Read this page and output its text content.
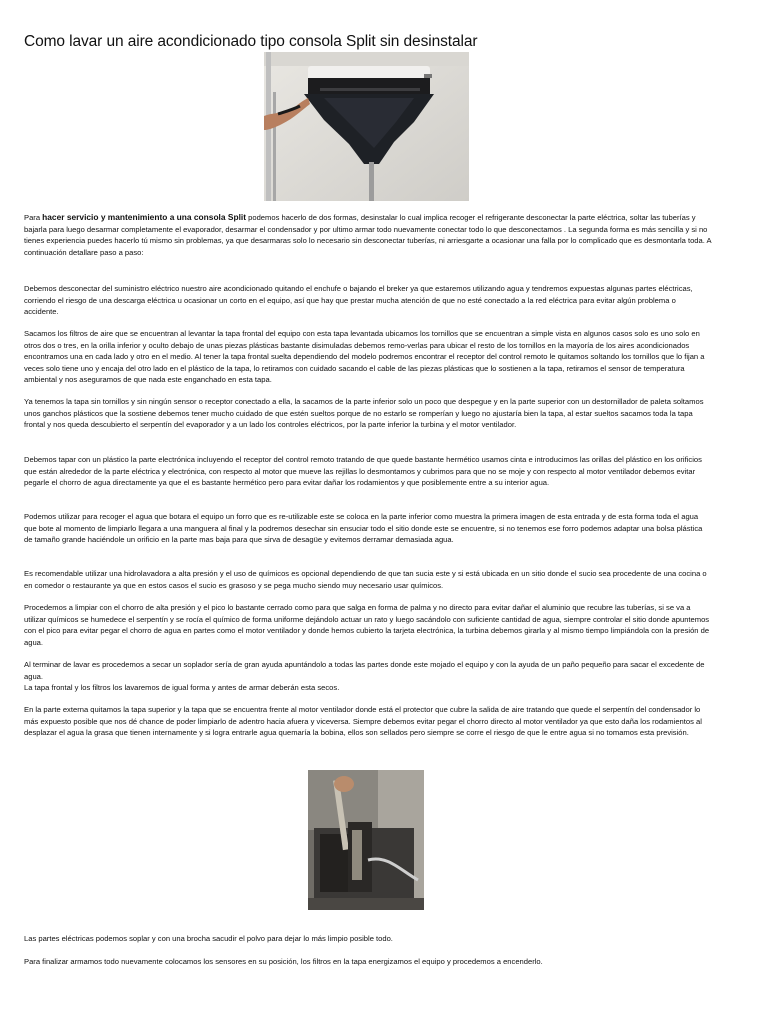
Como lavar un aire acondicionado tipo consola Split sin desinstalar

Para hacer servicio y mantenimiento a una consola Split podemos hacerlo de dos formas, desinstalar lo cual implica recoger el refrigerante desconectar la parte eléctrica, soltar las tuberías y bajarla para luego desarmar completamente el evaporador, desarmar el condensador y por ultimo armar todo nuevamente conectar todo lo que desconectamos . La segunda forma es más sencilla y si no tienes experiencia puedes hacerlo tú mismo sin problemas, ya que desarmaras solo lo necesario sin desconectar tuberías, ni arriesgarte a ocasionar una falla por lo complicado que es desmontarla toda. A continuación detallare paso a paso:

Debemos desconectar del suministro eléctrico nuestro aire acondicionado quitando el enchufe o bajando el breker ya que estaremos utilizando agua y tendremos expuestas algunas partes eléctricas, corriendo el riesgo de una descarga eléctrica u ocasionar un corto en el equipo, así que hay que prestar mucha atención de que no esté conectado a la red eléctrica para evitar algún problema o accidente.

Sacamos los filtros de aire que se encuentran al levantar la tapa frontal del equipo con esta tapa levantada ubicamos los tornillos que se encuentran a simple vista en algunos casos solo es uno solo en otros dos o tres, en la orilla inferior y oculto debajo de unas piezas plásticas bastante disimuladas debemos remo-verlas para ubicar el resto de los tornillos en la mayoría de los aires acondicionados encontramos una en cada lado y otro en el medio. Al tener la tapa frontal suelta dependiendo del modelo podremos encontrar el receptor del control remoto le quitamos soltando los tornillos que lo fijan a veces solo tiene uno y encaja del otro lado en el plástico de la tapa, lo retiramos con cuidado sacando el cable de las piezas plásticas que lo sostienen a la tapa, retiramos el sensor de temperatura ambiental y nos aseguramos de que nada este enganchado en esta tapa.

Ya tenemos la tapa sin tornillos y sin ningún sensor o receptor conectado a ella, la sacamos de la parte inferior solo un poco que despegue y en la parte superior con un destornillador de paleta soltamos unos ganchos plásticos que la sostiene debemos tener mucho cuidado de que estén sueltos porque de no estarlo se romperían y luego no ajustaría bien la tapa, al estar sueltos sacamos toda la tapa frontal y nos queda descubierto el serpentín del evaporador y a un lado los controles eléctricos, por la parte inferior la turbina y el motor ventilador.

Debemos tapar con un plástico la parte electrónica incluyendo el receptor del control remoto tratando de que quede bastante hermético usamos cinta e introducimos las orillas del plástico en los orificios que están alrededor de la parte eléctrica y electrónica, con respecto al motor que mueve las rejillas lo desmontamos y cubrimos para que no se moje y con respecto al motor ventilador debemos evitar pegarle el chorro de agua directamente ya que el es bastante hermético pero para evitar dañar los rodamientos y que posiblemente entre a su interior agua.

Podemos utilizar para recoger el agua que botara el equipo un forro que es re-utilizable este se coloca en la parte inferior como muestra la primera imagen de esta entrada y de esta forma toda el agua que bote al momento de limpiarlo llegara a una manguera al final y la podremos desechar sin ensuciar todo el sitio donde este se encuentre, si no tenemos ese forro podemos adaptar una bolsa plástica de tamaño grande haciéndole un orificio en la parte mas baja para que sirva de desagüe y evitemos derramar demasiada agua.

Es recomendable utilizar una hidrolavadora a alta presión y el uso de químicos es opcional dependiendo de que tan sucia este y si está ubicada en un sitio donde el sucio sea procedente de una cocina o en comedor o restaurante ya que en estos casos el sucio es grasoso y se pega mucho siendo muy necesario usar químicos.

Procedemos a limpiar con el chorro de alta presión y el pico lo bastante cerrado como para que salga en forma de palma y no directo para evitar dañar el aluminio que recubre las tuberías, si se va a utilizar químicos se humedece el serpentín y se rocía el químico de forma uniforme dejándolo actuar un rato y luego sacándolo con suficiente cantidad de agua, siempre controlar el sitio donde apuntemos con el pico para evitar pegar el chorro de agua en partes como el motor ventilador y donde hemos cubierto la tarjeta electrónica, la turbina debemos girarla y al mismo tiempo limpiándola con la presión de agua.

Al terminar de lavar es procedemos a secar un soplador sería de gran ayuda apuntándolo a todas las partes donde este mojado el equipo y con la ayuda de un paño pequeño para sacar el excedente de agua.
La tapa frontal y los filtros los lavaremos de igual forma y antes de armar deberán esta secos.

En la parte externa quitamos la tapa superior y la tapa que se encuentra frente al motor ventilador donde está el protector que cubre la salida de aire tratando que quede el serpentín del condensador lo más expuesto posible que nos dé chance de poder limpiarlo de adentro hacia afuera y viceversa. Siempre debemos evitar pegar el chorro directo al motor ventilador ya que esto daña los rodamientos al desplazar el agua la grasa que tienen internamente y si logra entrarle agua quemaría la bobina, ellos son sellados pero siempre se corre el riesgo de que le entre agua si no tomamos esta previsión.

Las partes eléctricas podemos soplar y con una brocha sacudir el polvo para dejar lo más limpio posible todo.

Para finalizar armamos todo nuevamente colocamos los sensores en su posición, los filtros en la tapa energizamos el equipo y procedemos a encenderlo.
